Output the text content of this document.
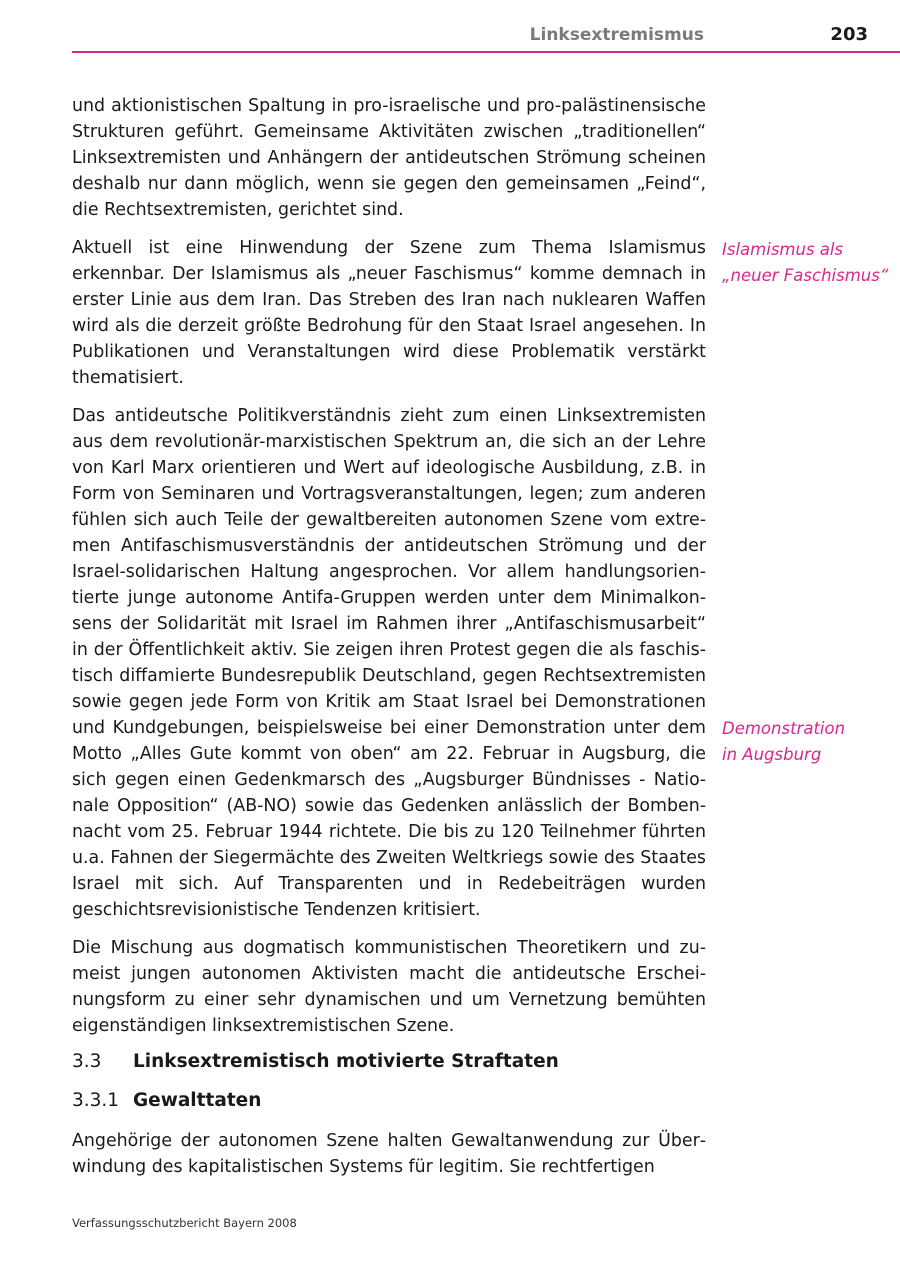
Linksextremismus	203

und aktionistischen Spaltung in pro-israelische und pro-palästinensische Strukturen geführt. Gemeinsame Aktivitäten zwischen „traditionellen“ Linksextremisten und Anhängern der antideutschen Strömung scheinen deshalb nur dann möglich, wenn sie gegen den gemeinsamen „Feind“, die Rechtsextremisten, gerichtet sind.

Aktuell ist eine Hinwendung der Szene zum Thema Islamismus erkennbar. Der Islamismus als „neuer Faschismus“ komme demnach in erster Linie aus dem Iran. Das Streben des Iran nach nuklearen Waffen wird als die derzeit größte Bedrohung für den Staat Israel angesehen. In Publikationen und Veranstaltungen wird diese Problematik verstärkt thematisiert.

Das antideutsche Politikverständnis zieht zum einen Linksextremisten aus dem revolutionär-marxistischen Spektrum an, die sich an der Lehre von Karl Marx orientieren und Wert auf ideologische Ausbildung, z.B. in Form von Seminaren und Vortragsveranstaltungen, legen; zum anderen fühlen sich auch Teile der gewaltbereiten autonomen Szene vom extremen Antifaschismusverständnis der antideutschen Strömung und der Israel-solidarischen Haltung angesprochen. Vor allem handlungsorientierte junge autonome Antifa-Gruppen werden unter dem Minimalkonsens der Solidarität mit Israel im Rahmen ihrer „Antifaschismusarbeit“ in der Öffentlichkeit aktiv. Sie zeigen ihren Protest gegen die als faschistisch diffamierte Bundesrepublik Deutschland, gegen Rechtsextremisten sowie gegen jede Form von Kritik am Staat Israel bei Demonstrationen und Kundgebungen, beispielsweise bei einer Demonstration unter dem Motto „Alles Gute kommt von oben“ am 22. Februar in Augsburg, die sich gegen einen Gedenkmarsch des „Augsburger Bündnisses - Nationale Opposition“ (AB-NO) sowie das Gedenken anlässlich der Bombennacht vom 25. Februar 1944 richtete. Die bis zu 120 Teilnehmer führten u.a. Fahnen der Siegermächte des Zweiten Weltkriegs sowie des Staates Israel mit sich. Auf Transparenten und in Redebeiträgen wurden geschichtsrevisionistische Tendenzen kritisiert.

Die Mischung aus dogmatisch kommunistischen Theoretikern und zumeist jungen autonomen Aktivisten macht die antideutsche Erscheinungsform zu einer sehr dynamischen und um Vernetzung bemühten eigenständigen linksextremistischen Szene.

Islamismus als
„neuer Faschismus“
Demonstration
in Augsburg
3.3 Linksextremistisch motivierte Straftaten
3.3.1 Gewalttaten

Angehörige der autonomen Szene halten Gewaltanwendung zur Überwindung des kapitalistischen Systems für legitim. Sie rechtfertigen

Verfassungsschutzbericht Bayern 2008
